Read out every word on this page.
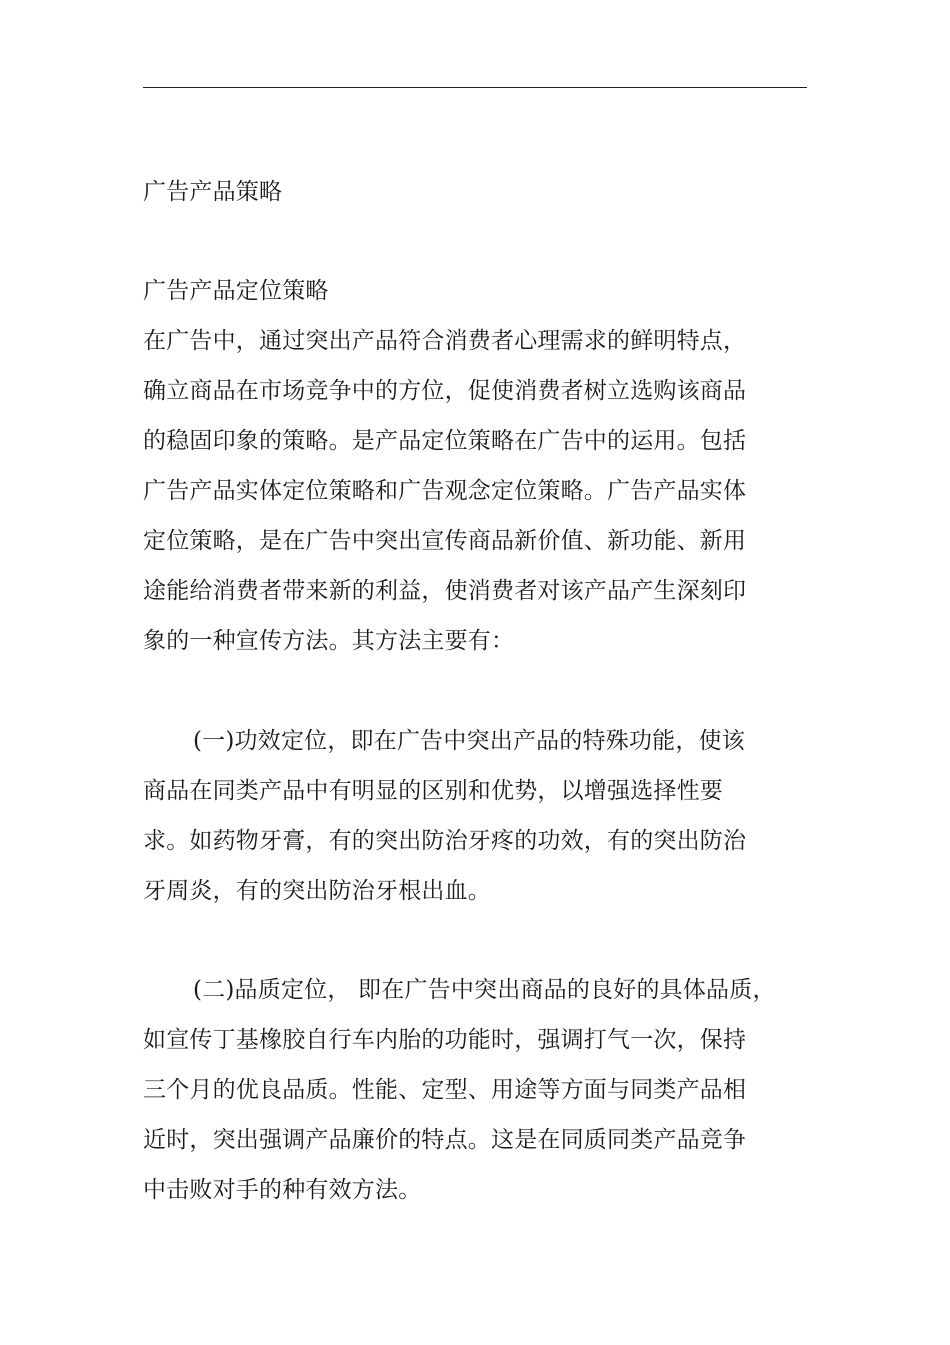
广告产品策略
广告产品定位策略
在广告中，通过突出产品符合消费者心理需求的鲜明特点，
确立商品在市场竞争中的方位，促使消费者树立选购该商品
的稳固印象的策略。是产品定位策略在广告中的运用。包括
广告产品实体定位策略和广告观念定位策略。广告产品实体
定位策略，是在广告中突出宣传商品新价值、新功能、新用
途能给消费者带来新的利益，使消费者对该产品产生深刻印
象的一种宣传方法。其方法主要有：
(一)功效定位，即在广告中突出产品的特殊功能，使该
商品在同类产品中有明显的区别和优势，以增强选择性要
求。如药物牙膏，有的突出防治牙疼的功效，有的突出防治
牙周炎，有的突出防治牙根出血。
(二)品质定位， 即在广告中突出商品的良好的具体品质，
如宣传丁基橡胶自行车内胎的功能时，强调打气一次，保持
三个月的优良品质。性能、定型、用途等方面与同类产品相
近时，突出强调产品廉价的特点。这是在同质同类产品竞争
中击败对手的种有效方法。
